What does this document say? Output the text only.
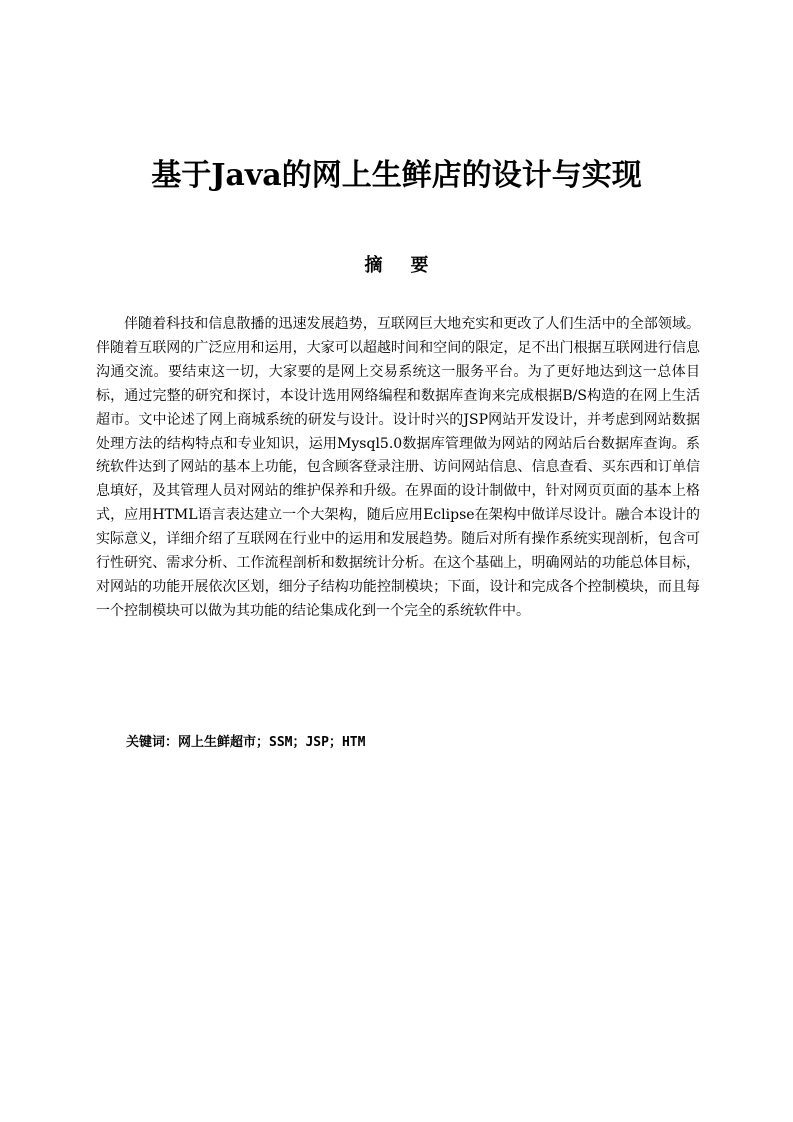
基于Java的网上生鲜店的设计与实现
摘要

伴随着科技和信息散播的迅速发展趋势，互联网巨大地充实和更改了人们生活中的全部领域。伴随着互联网的广泛应用和运用，大家可以超越时间和空间的限定，足不出门根据互联网进行信息沟通交流。要结束这一切，大家要的是网上交易系统这一服务平台。为了更好地达到这一总体目标，通过完整的研究和探讨，本设计选用网络编程和数据库查询来完成根据B/S构造的在网上生活超市。文中论述了网上商城系统的研发与设计。设计时兴的JSP网站开发设计，并考虑到网站数据处理方法的结构特点和专业知识，运用Mysql5.0数据库管理做为网站的网站后台数据库查询。系统软件达到了网站的基本上功能，包含顾客登录注册、访问网站信息、信息查看、买东西和订单信息填好，及其管理人员对网站的维护保养和升级。在界面的设计制做中，针对网页页面的基本上格式，应用HTML语言表达建立一个大架构，随后应用Eclipse在架构中做详尽设计。融合本设计的实际意义，详细介绍了互联网在行业中的运用和发展趋势。随后对所有操作系统实现剖析，包含可行性研究、需求分析、工作流程剖析和数据统计分析。在这个基础上，明确网站的功能总体目标，对网站的功能开展依次区划，细分子结构功能控制模块；下面，设计和完成各个控制模块，而且每一个控制模块可以做为其功能的结论集成化到一个完全的系统软件中。

关键词：网上生鲜超市；SSM；JSP；HTM
